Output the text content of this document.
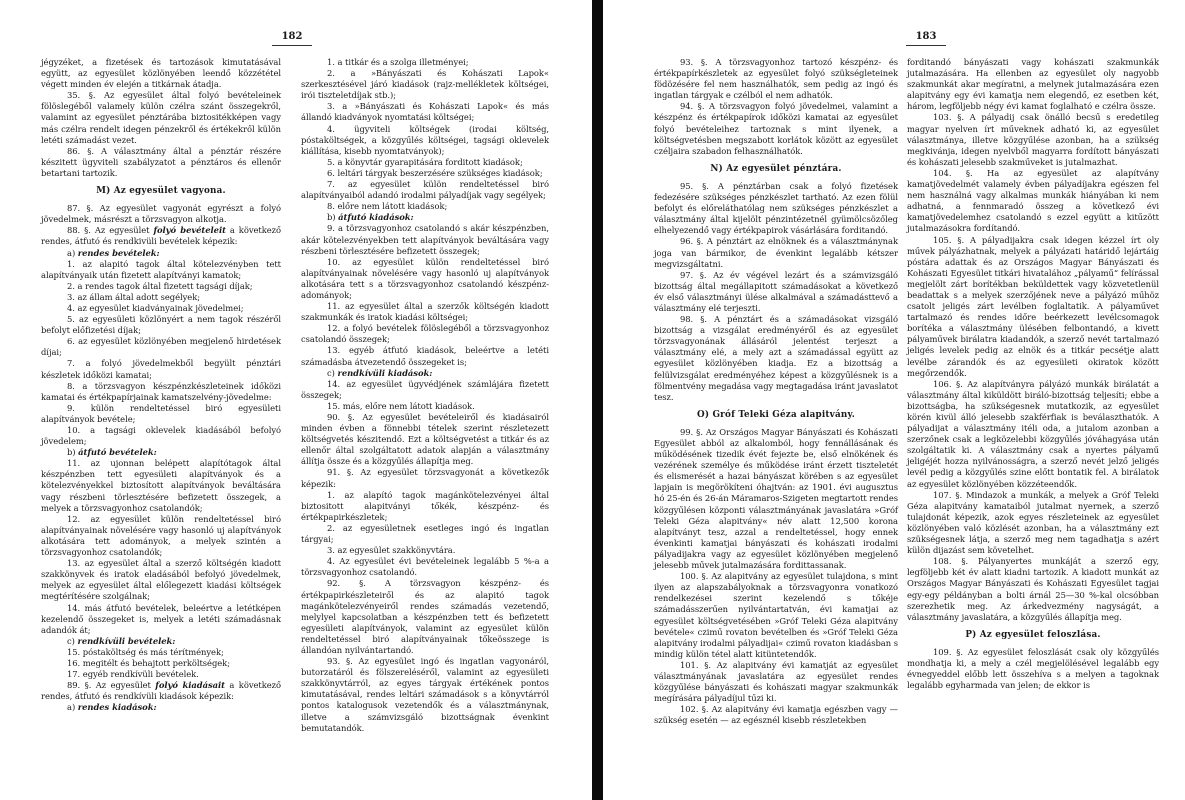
182

jégyzéket, a fizetések és tartozások kimutatásával együtt, az egyesület közlönyében leendő közzététel végett minden év elején a titkárnak átadja.

35. §. Az egyesület által folyó bevételeinek fölöslegéből valamely külön czélra szánt összegekről, valamint az egyesület pénztárába biztositékképen vagy más czélra rendelt idegen pénzekről és értékekről külön letéti számadást vezet.

86. §. A választmány által a pénztár részére készitett ügyviteli szabályzatot a pénztáros és ellenőr betartani tartozik.

M) Az egyesület vagyona.

87. §. Az egyesület vagyonát egyrészt a folyó jövedelmek, másrészt a törzsvagyon alkotja.

88. §. Az egyesület folyó bevételeit a következő rendes, átfutó és rendkivüli bevételek képezik:

a) rendes bevételek:

1. az alapitó tagok által kötelezvényben tett alapítványaik után fizetett alapítványi kamatok;

2. a rendes tagok által fizetett tagsági díjak;

3. az állam által adott segélyek;

4. az egyesület kiadványainak jövedelmei;

5. az egyesületi közlönyért a nem tagok részéről befolyt előfizetési díjak;

6. az egyesület közlönyében megjelenő hirdetések díjai;

7. a folyó jövedelmekből begyült pénztári készletek időközi kamatai;

8. a törzsvagyon készpénzkészleteinek időközi kamatai és értékpapírjainak kamatszelvény-jövedelme:

9. külön rendeltetéssel biró egyesületi alapítványok bevétele;

10. a tagsági oklevelek kiadásából befolyó jövedelem;

b) átfutó bevételek:

11. az ujonnan belépett alapítótagok által készpénzben tett egyesületi alapítványok és a kötelezvényekkel biztosított alapítványok beváltására vagy részbeni törlesztésére befizetett összegek, a melyek a törzsvagyonhoz csatolandók;

12. az egyesület külön rendeltetéssel biró alapítványainak növelésére vagy hasonló uj alapítványok alkotására tett adományok, a melyek szintén a törzsvagyonhoz csatolandók;

13. az egyesület által a szerző költségén kiadott szakkönyvek és iratok eladásából befolyó jövedelmek, melyek az egyesület által előlegezett kiadási költségek megtérítésére szolgálnak;

14. más átfutó bevételek, beleértve a letétképen kezelendő összegeket is, melyek a letéti számadásnak adandók át;

c) rendkívüli bevételek:

15. póstaköltség és más térítmények;

16. megitélt és behajtott perköltségek;

17. egyéb rendkívüli bevételek.

89. §. Az egyesület folyó kiadásait a következő rendes, átfutó és rendkívüli kiadások képezik:

a) rendes kiadások:

1. a titkár és a szolga illetményei;

2. a »Bányászati és Kohászati Lapok« szerkesztésével járó kiadások (rajz-mellékletek költségei, irói tiszteletdíjak stb.);

3. a »Bányászati és Kohászati Lapok« és más állandó kiadványok nyomtatási költségei;

4. ügyviteli költségek (irodai költség, póstaköltségek, a közgyűlés költségei, tagsági oklevelek kiállítása, kisebb nyomtatványok);

5. a könyvtár gyarapitására forditott kiadások;

6. leltári tárgyak beszerzésére szükséges kiadások;

7. az egyesület külön rendeltetéssel biró alapítványaiból adandó irodalmi pályadíjak vagy segélyek;

8. előre nem látott kiadások;

b) átfutó kiadások:

9. a törzsvagyonhoz csatolandó s akár készpénzben, akár kötelezvényekben tett alapítványok beváltására vagy részbeni törlesztésére befizetett összegek;

10. az egyesület külön rendeltetéssel biró alapítványainak növelésére vagy hasonló uj alapítványok alkotására tett s a törzsvagyonhoz csatolandó készpénz-adományok;

11. az egyesület által a szerzők költségén kiadott szakmunkák és iratok kiadási költségei;

12. a folyó bevételek fölöslegéből a törzsvagyonhoz csatolandó összegek;

13. egyéb átfutó kiadások, beleértve a letéti számadásba átvezetendő összegeket is;

c) rendkívüli kiadások:

14. az egyesület ügyvédjének számlájára fizetett összegek;

15. más, előre nem látott kiadások.

90. §. Az egyesület bevételeiről és kiadásairól minden évben a fönnebbi tételek szerint részletezett költségvetés készitendő. Ezt a költségvetést a titkár és az ellenőr által szolgáltatott adatok alapján a választmány állítja össze és a közgyűlés állapítja meg.

91. §. Az egyesület törzsvagyonát a következők képezik:

1. az alapító tagok magánkötelezvényei által biztositott alapitványi tőkék, készpénz- és értékpapirkészletek;

2. az egyesületnek esetleges ingó és ingatlan tárgyai;

3. az egyesület szakkönyvtára.

4. Az egyesület évi bevételeinek legalább 5 %-a a törzsvagyonhoz csatolandó.

92. §. A törzsvagyon készpénz- és értékpapirkészleteiről és az alapitó tagok magánkötelezvényeiről rendes számadás vezetendő, melylyel kapcsolatban a készpénzben tett és befizetett egyesületi alapítványok, valamint az egyesület külön rendeltetéssel biró alapítványainak tőkeösszege is állandóan nyilvántartandó.

93. §. Az egyesület ingó és ingatlan vagyonáról, butorzatáról és fölszereléséről, valamint az egyesületi szakkönyvtárról, az egyes tárgyak értékének pontos kimutatásával, rendes leltári számadások s a könyvtárról pontos katalogusok vezetendők és a választmánynak, illetve a számvizsgáló bizottságnak évenkint bemutatandók.

183

93. §. A törzsvagyonhoz tartozó készpénz- és értékpapírkészletek az egyesület folyó szükségleteinek födözésére fel nem használhatók, sem pedig az ingó és ingatlan tárgyak e czélból el nem adhatók.

94. §. A törzsvagyon folyó jövedelmei, valamint a készpénz és értékpapírok időközi kamatai az egyesület folyó bevételeihez tartoznak s mint ilyenek, a költségvetésben megszabott korlátok között az egyesület czéljaira szabadon felhasználhatók.

N) Az egyesület pénztára.

95. §. A pénztárban csak a folyó fizetések fedezésére szükséges pénzkészlet tartható. Az ezen fölül befolyt és előreláthatólag nem szükséges pénzkészlet a választmány által kijelölt pénzintézetnél gyümölcsözőleg elhelyezendő vagy értékpapirok vásárlására forditandó.

96. §. A pénztárt az elnöknek és a választmánynak joga van bármikor, de évenkint legalább kétszer megvizsgáltatni.

97. §. Az év végével lezárt és a számvizsgáló bizottság által megállapitott számadásokat a következő év első választmányi ülése alkalmával a számadásttevő a választmány elé terjeszti.

98. §. A pénztárt és a számadásokat vizsgáló bizottság a vizsgálat eredményéről és az egyesület törzsvagyonának állásáról jelentést terjeszt a választmány elé, a mely azt a számadással együtt az egyesület közlönyében kiadja. Ez a bizottság a felülvizsgálat eredményéhez képest a közgyűlésnek is a fölmentvény megadása vagy megtagadása iránt javaslatot tesz.

O) Gróf Teleki Géza alapitvány.

99. §. Az Országos Magyar Bányászati és Kohászati Egyesület abból az alkalomból, hogy fennállásának és működésének tizedik évét fejezte be, első elnökének és vezérének személye és működése iránt érzett tiszteletét és elismerését a hazai bányászat körében s az egyesület lapjain is megörökíteni óhajtván: az 1901. évi augusztus hó 25-én és 26-án Máramaros-Szigeten megtartott rendes közgyűlésen központi választmányának javaslatára »Gróf Teleki Géza alapitvány« név alatt 12,500 korona alapítványt tesz, azzal a rendeltetéssel, hogy ennek évenkinti kamatjai bányászati és kohászati irodalmi pályadijakra vagy az egyesület közlönyében megjelenő jelesebb művek jutalmazására fordittassanak.

100. §. Az alapitvány az egyesület tulajdona, s mint ilyen az alapszabályoknak a törzsvagyonra vonatkozó rendelkezései szerint kezelendő s tőkéje számadásszerűen nyilvántartatván, évi kamatjai az egyesület költségvetésében »Gróf Teleki Géza alapitvány bevétele« czimű rovaton bevételben és »Gróf Teleki Géza alapitvány irodalmi pályadijai« czimű rovaton kiadásban s mindig külön tétel alatt kitüntetendők.

101. §. Az alapitvány évi kamatját az egyesület választmányának javaslatára az egyesület rendes közgyűlése bányászati és kohászati magyar szakmunkák megírására pályadíjul tűzi ki.

102. §. Az alapitvány évi kamatja egészben vagy — szükség esetén — az egésznél kisebb részletekben

forditandó bányászati vagy kohászati szakmunkák jutalmazására. Ha ellenben az egyesület oly nagyobb szakmunkát akar megíratni, a melynek jutalmazására ezen alapitvány egy évi kamatja nem elegendő, ez esetben két, három, legföljebb négy évi kamat foglalható e czélra össze.

103. §. A pályadij csak önálló becsű s eredetileg magyar nyelven írt műveknek adható ki, az egyesület választmánya, illetve közgyűlése azonban, ha a szükség megkivánja, idegen nyelvből magyarra fordított bányászati és kohászati jelesebb szakműveket is jutalmazhat.

104. §. Ha az egyesület az alapítvány kamatjövedelmét valamely évben pályadíjakra egészen fel nem használná vagy alkalmas munkák hiányában ki nem adhatná, a fennmaradó összeg a következő évi kamatjövedelemhez csatolandó s ezzel együtt a kitűzött jutalmazásokra fordítandó.

105. §. A pályadijakra csak idegen kézzel írt oly művek pályázhatnak, melyek a pályázati határidő lejártáig póstára adattak és az Országos Magyar Bányászati és Kohászati Egyesület titkári hivatalához „pályamű“ felírással megjelölt zárt borítékban beküldettek vagy közvetetlenül beadattak s a melyek szerzőjének neve a pályázó műhöz csatolt jeligés zárt levélben foglaltatik. A pályaművet tartalmazó és rendes időre beérkezett levélcsomagok borítéka a választmány ülésében felbontandó, a kivett pályaművek birálatra kiadandók, a szerző nevét tartalmazó jeligés levelek pedig az elnök és a titkár pecsétje alatt levélbe zárandók és az egyesületi okiratok között megőrzendők.

106. §. Az alapítványra pályázó munkák birálatát a választmány által kiküldött biráló-bizottság teljesíti; ebbe a bizottságba, ha szükségesnek mutatkozik, az egyesület körén kivül álló jelesebb szakférfiak is beválaszthatók. A pályadijat a választmány itéli oda, a jutalom azonban a szerzőnek csak a legközelebbi közgyűlés jóváhagyása után szolgáltatik ki. A választmány csak a nyertes pályamű jeligéjét hozza nyilvánosságra, a szerző nevét jelző jeligés levél pedig a közgyűlés szine előtt bontatik fel. A birálatok az egyesület közlönyében közzéteendők.

107. §. Mindazok a munkák, a melyek a Gróf Teleki Géza alapitvány kamataiból jutalmat nyernek, a szerző tulajdonát képezik, azok egyes részleteinek az egyesület közlönyében való közlését azonban, ha a választmány ezt szükségesnek látja, a szerző meg nem tagadhatja s azért külön dijazást sem követelhet.

108. §. Pályanyertes munkáját a szerző egy, legföljebb két év alatt kiadni tartozik. A kiadott munkát az Országos Magyar Bányászati és Kohászati Egyesület tagjai egy-egy példányban a bolti árnál 25—30 %-kal olcsóbban szerezhetik meg. Az árkedvezmény nagyságát, a választmány javaslatára, a közgyűlés állapítja meg.

P) Az egyesület feloszlása.

109. §. Az egyesület feloszlását csak oly közgyűlés mondhatja ki, a mely a czél megjelölésével legalább egy évnegyeddel előbb lett összehíva s a melyen a tagoknak legalább egyharmada van jelen; de ekkor is
